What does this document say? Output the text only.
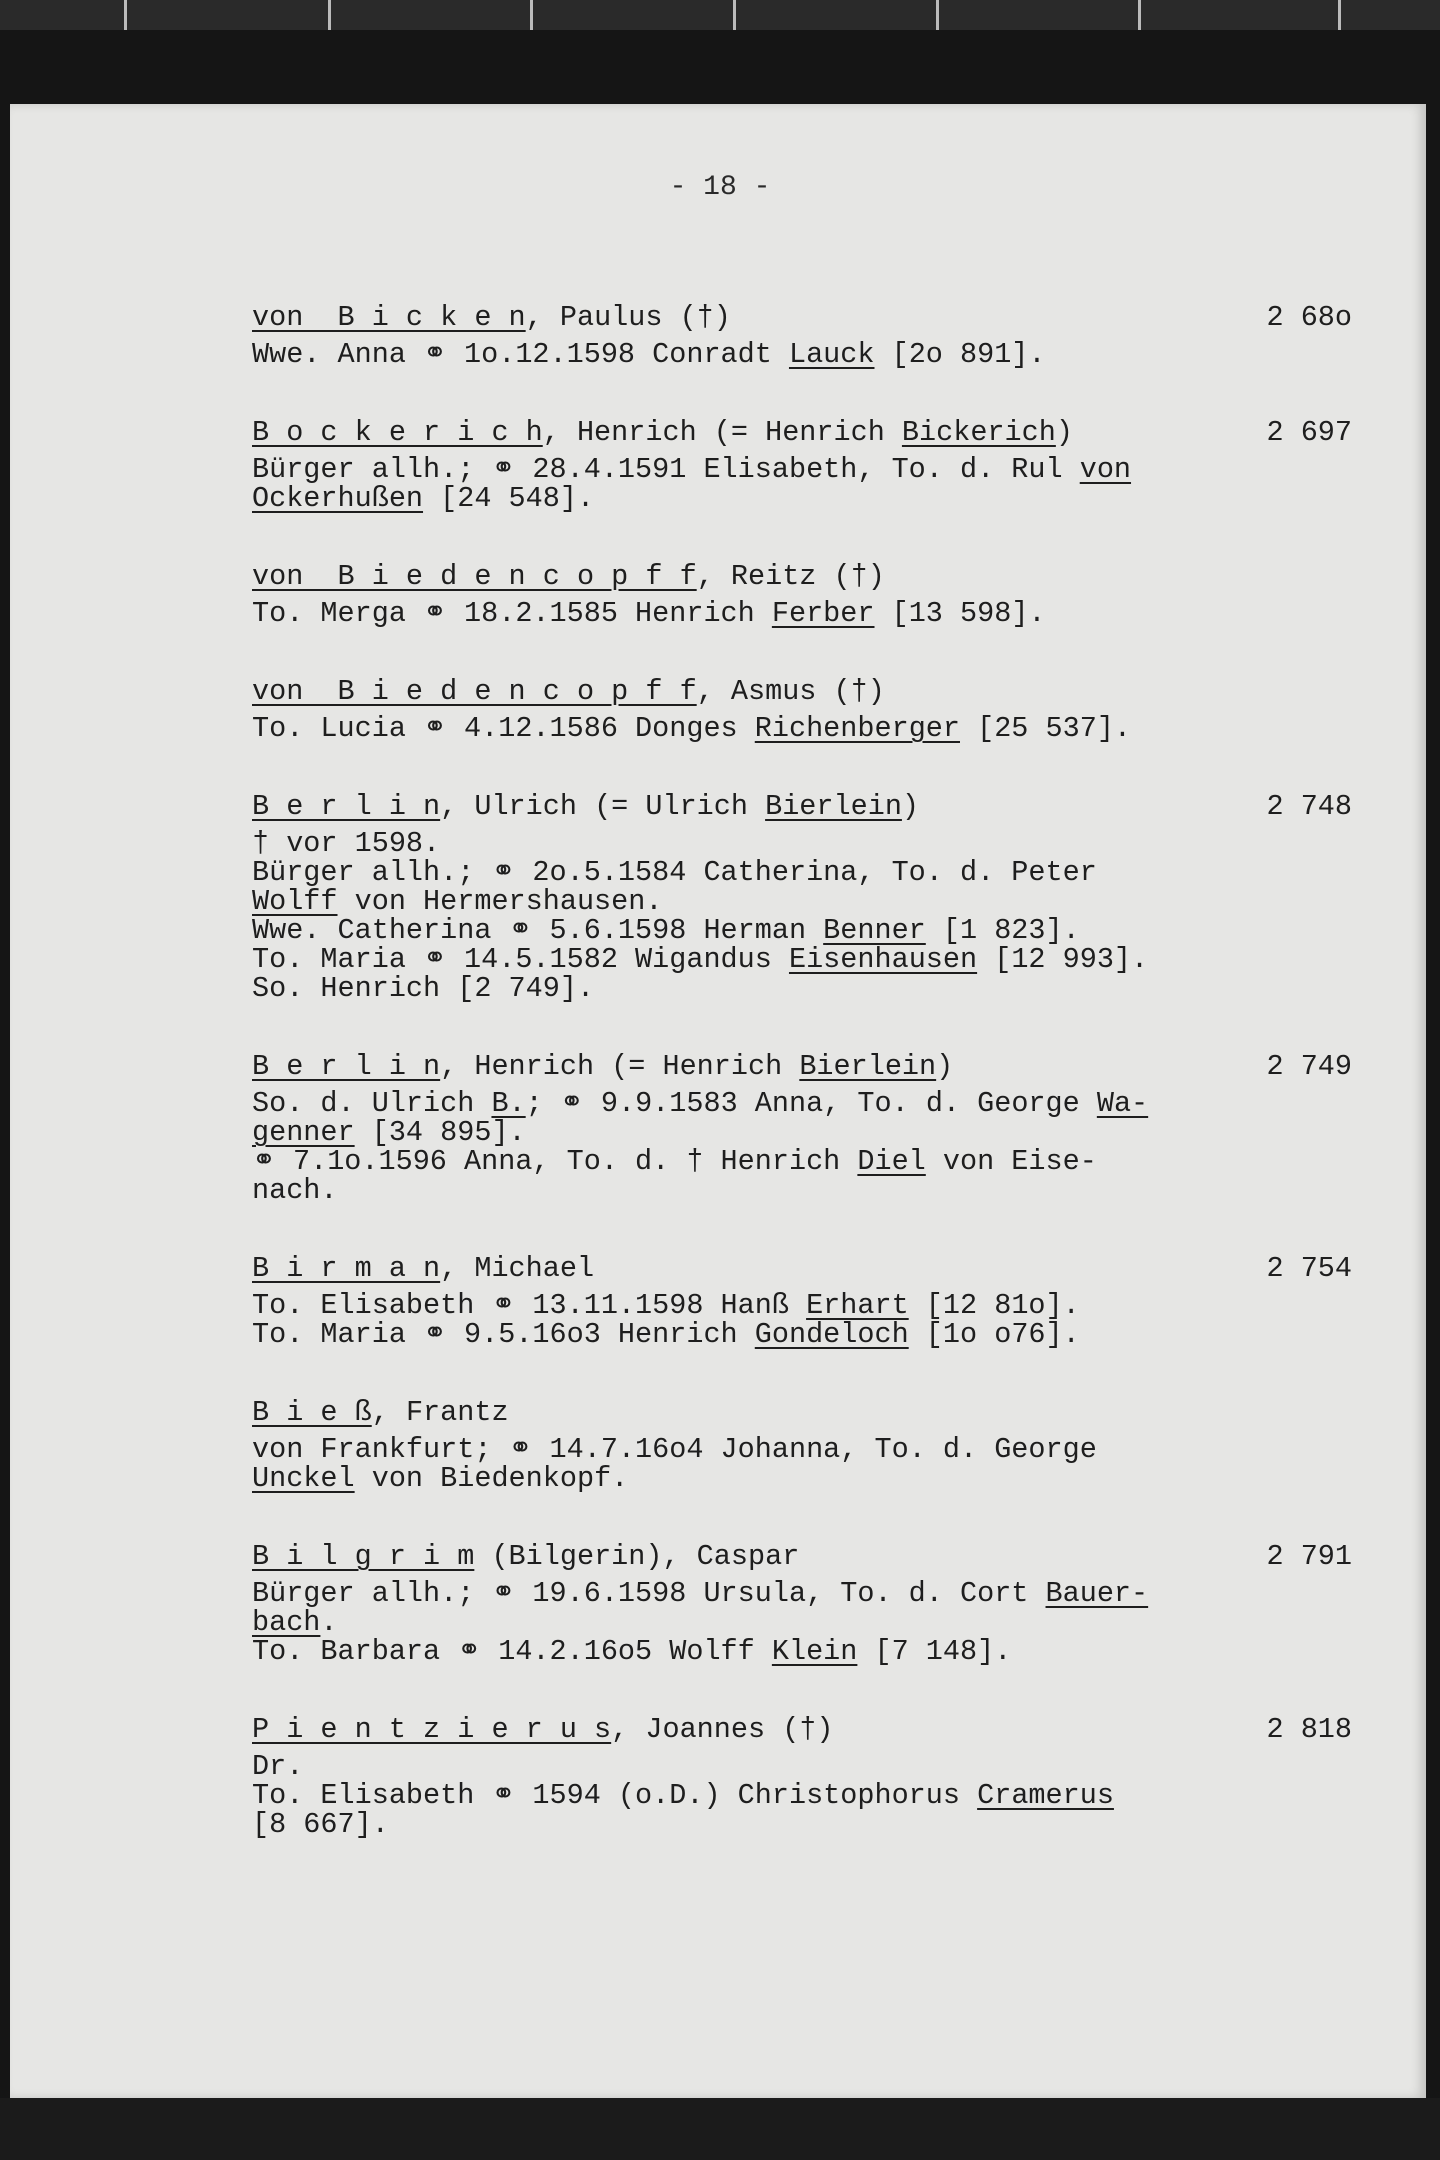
- 18 -
von  B i c k e n, Paulus (†)	2 68o
Wwe. Anna ⚭ 1o.12.1598 Conradt Lauck [2o 891].
B o c k e r i c h, Henrich (= Henrich Bickerich)	2 697
Bürger allh.; ⚭ 28.4.1591 Elisabeth, To. d. Rul von
Ockerhußen [24 548].
von  B i e d e n c o p f f, Reitz (†)
To. Merga ⚭ 18.2.1585 Henrich Ferber [13 598].
von  B i e d e n c o p f f, Asmus (†)
To. Lucia ⚭ 4.12.1586 Donges Richenberger [25 537].
B e r l i n, Ulrich (= Ulrich Bierlein)	2 748
† vor 1598.
Bürger allh.; ⚭ 2o.5.1584 Catherina, To. d. Peter
Wolff von Hermershausen.
Wwe. Catherina ⚭ 5.6.1598 Herman Benner [1 823].
To. Maria ⚭ 14.5.1582 Wigandus Eisenhausen [12 993].
So. Henrich [2 749].
B e r l i n, Henrich (= Henrich Bierlein)	2 749
So. d. Ulrich B.; ⚭ 9.9.1583 Anna, To. d. George Wa-
genner [34 895].
⚭ 7.1o.1596 Anna, To. d. † Henrich Diel von Eise-
nach.
B i r m a n, Michael	2 754
To. Elisabeth ⚭ 13.11.1598 Hanß Erhart [12 81o].
To. Maria ⚭ 9.5.16o3 Henrich Gondeloch [1o o76].
B i e ß, Frantz
von Frankfurt; ⚭ 14.7.16o4 Johanna, To. d. George
Unckel von Biedenkopf.
B i l g r i m (Bilgerin), Caspar	2 791
Bürger allh.; ⚭ 19.6.1598 Ursula, To. d. Cort Bauer-
bach.
To. Barbara ⚭ 14.2.16o5 Wolff Klein [7 148].
P i e n t z i e r u s, Joannes (†)	2 818
Dr.
To. Elisabeth ⚭ 1594 (o.D.) Christophorus Cramerus
[8 667].
